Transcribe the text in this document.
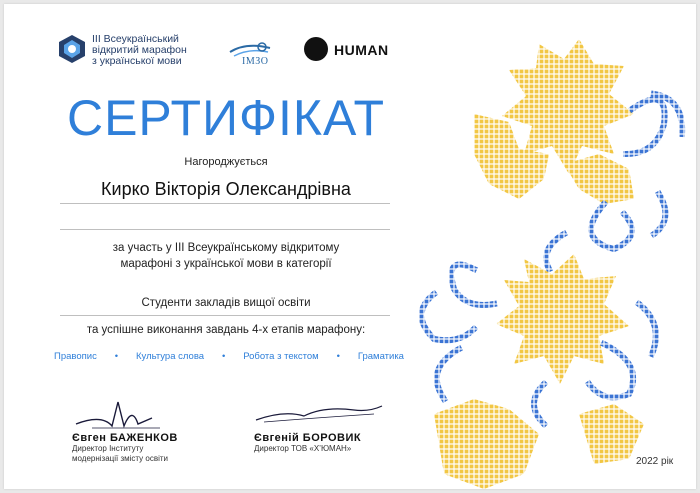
III Всеукраїнський
відкритий марафон
з української мови	ІМЗО
HUMAN
СЕРТИФІКАТ
Нагороджується
Кирко Вікторія Олександрівна
за участь у III Всеукраїнському відкритому
марафоні з української мови в категорії
Студенти закладів вищої освіти
та успішне виконання завдань 4-х етапів марафону:
Правопис • Культура слова • Робота з текстом • Граматика
Євген БАЖЕНКОВ
Директор Інституту
модернізації змісту освіти
Євгеній БОРОВИК
Директор ТОВ «Х’ЮМАН»
2022 рік
